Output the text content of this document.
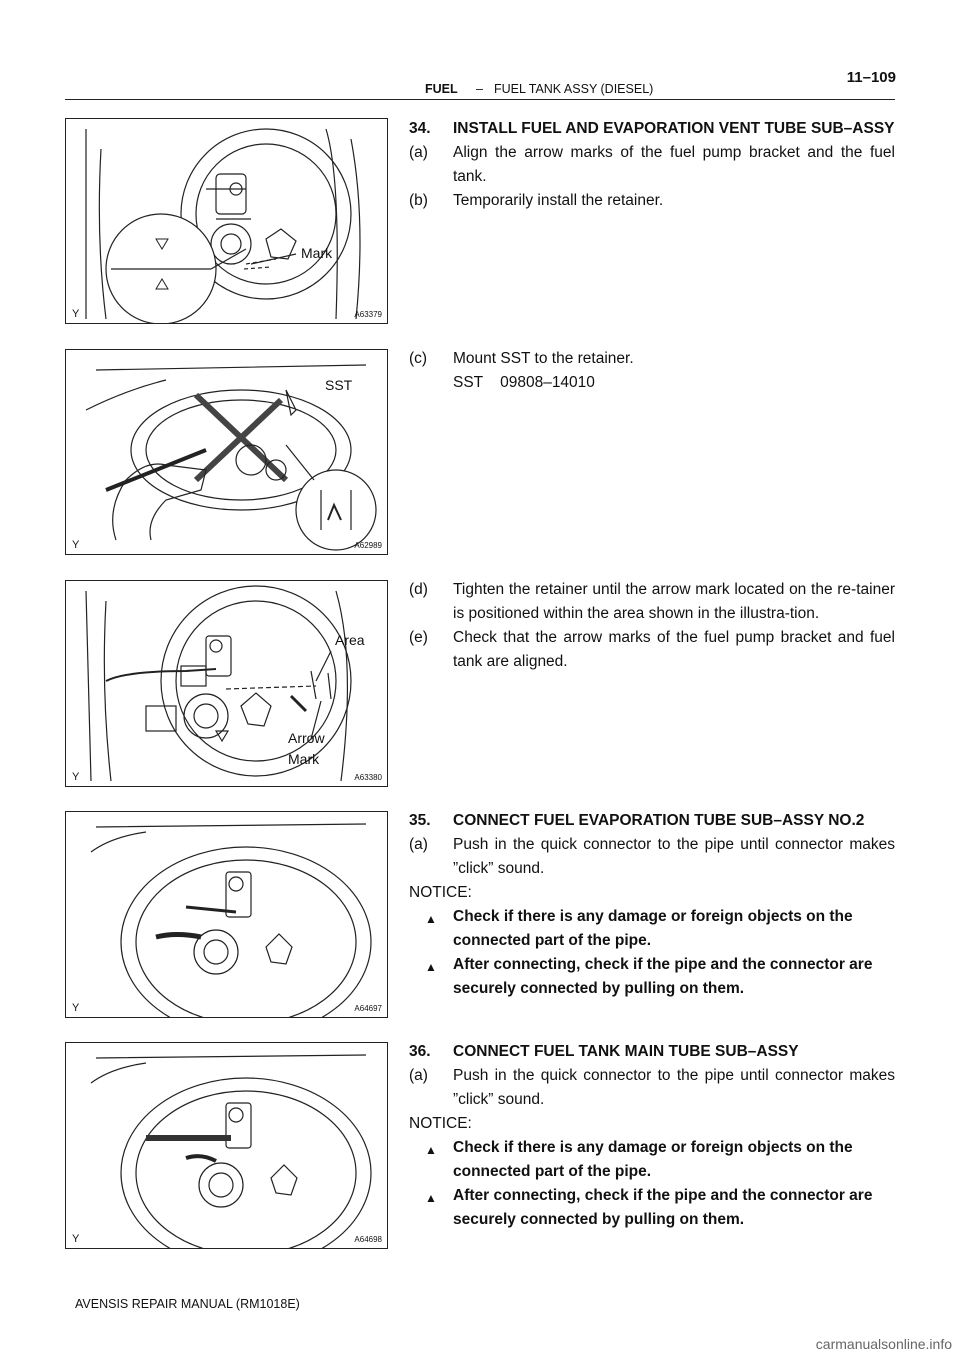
FUEL – FUEL TANK ASSY (DIESEL)
11–109
Mark
Y	A63379
SST
Y	A62989
Area
Arrow
Mark
Y	A63380
Y	A64697
Y	A64698
34.	INSTALL FUEL AND EVAPORATION VENT TUBE SUB–ASSY
(a)	Align the arrow marks of the fuel pump bracket and the fuel tank.
(b)	Temporarily install the retainer.
(c)	Mount SST to the retainer.
SST    09808–14010
(d)	Tighten the retainer until the arrow mark located on the re-tainer is positioned within the area shown in the illustra-tion.
(e)	Check that the arrow marks of the fuel pump bracket and fuel tank are aligned.
35.	CONNECT FUEL EVAPORATION TUBE SUB–ASSY NO.2
(a)	Push in the quick connector to the pipe until connector makes ”click” sound.
NOTICE:
▲	Check if there is any damage or foreign objects on the connected part of the pipe.
▲	After connecting, check if the pipe and the connector are securely connected by pulling on them.
36.	CONNECT FUEL TANK MAIN TUBE SUB–ASSY
(a)	Push in the quick connector to the pipe until connector makes ”click” sound.
NOTICE:
▲	Check if there is any damage or foreign objects on the connected part of the pipe.
▲	After connecting, check if the pipe and the connector are securely connected by pulling on them.
AVENSIS REPAIR MANUAL (RM1018E)
carmanualsonline.info
